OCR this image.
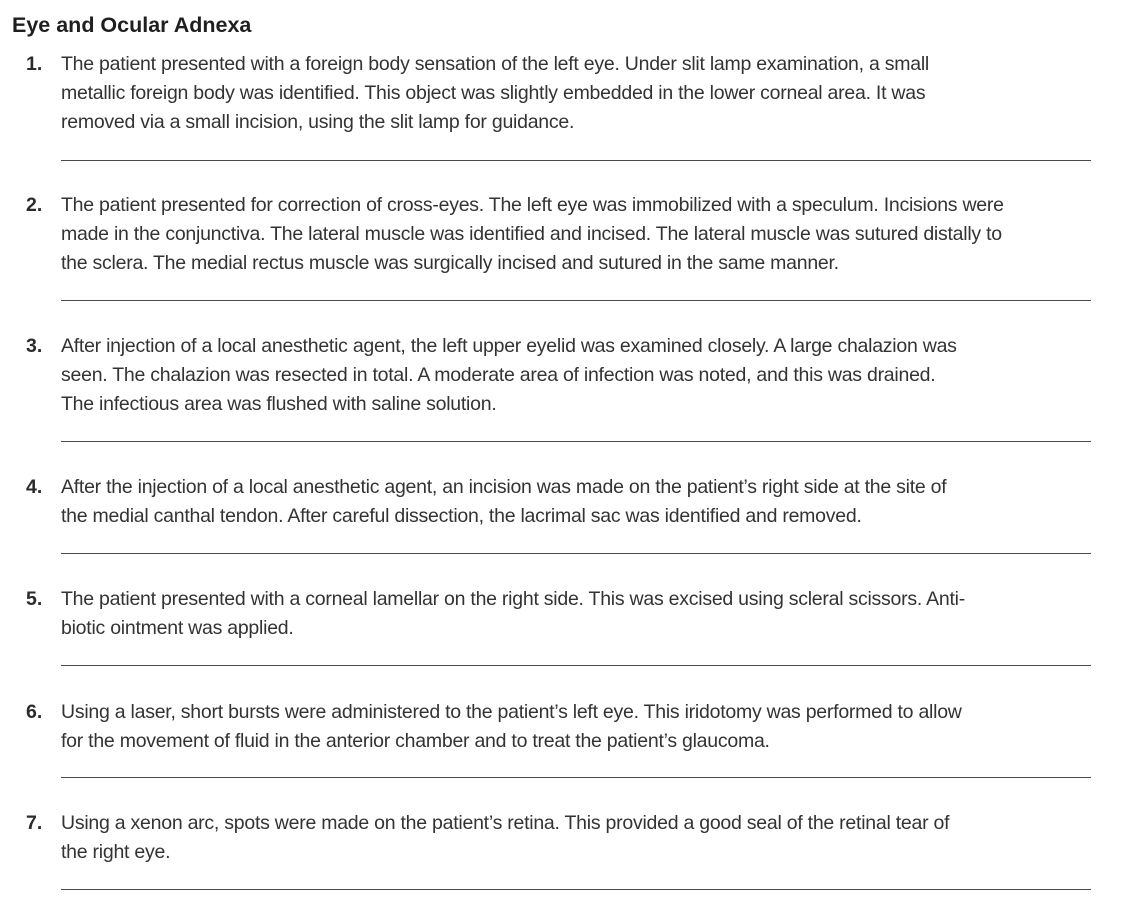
Eye and Ocular Adnexa
1. The patient presented with a foreign body sensation of the left eye. Under slit lamp examination, a small
metallic foreign body was identified. This object was slightly embedded in the lower corneal area. It was
removed via a small incision, using the slit lamp for guidance.
2. The patient presented for correction of cross-eyes. The left eye was immobilized with a speculum. Incisions were
made in the conjunctiva. The lateral muscle was identified and incised. The lateral muscle was sutured distally to
the sclera. The medial rectus muscle was surgically incised and sutured in the same manner.
3. After injection of a local anesthetic agent, the left upper eyelid was examined closely. A large chalazion was
seen. The chalazion was resected in total. A moderate area of infection was noted, and this was drained.
The infectious area was flushed with saline solution.
4. After the injection of a local anesthetic agent, an incision was made on the patient’s right side at the site of
the medial canthal tendon. After careful dissection, the lacrimal sac was identified and removed.
5. The patient presented with a corneal lamellar on the right side. This was excised using scleral scissors. Anti-
biotic ointment was applied.
6. Using a laser, short bursts were administered to the patient’s left eye. This iridotomy was performed to allow
for the movement of fluid in the anterior chamber and to treat the patient’s glaucoma.
7. Using a xenon arc, spots were made on the patient’s retina. This provided a good seal of the retinal tear of
the right eye.
